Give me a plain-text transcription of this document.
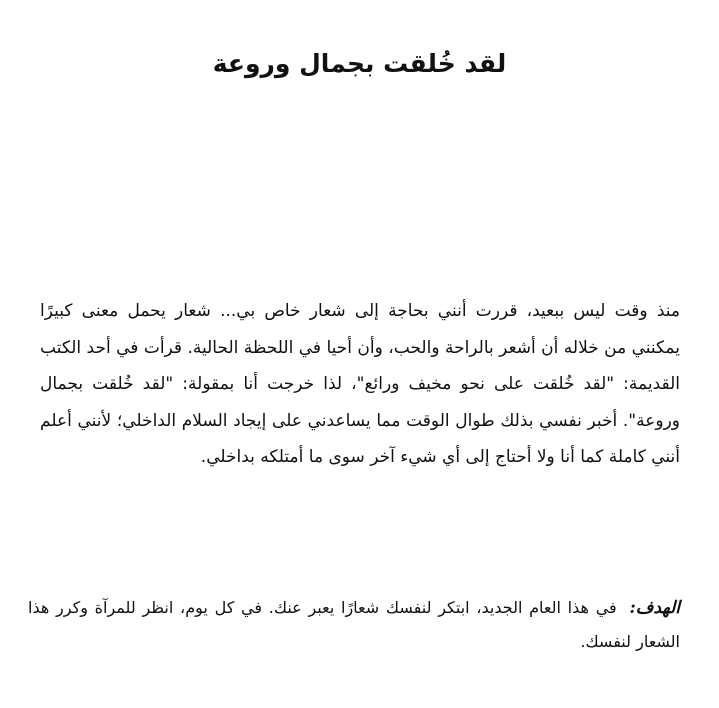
لقد خُلقت بجمال وروعة

منذ وقت ليس ببعيد، قررت أنني بحاجة إلى شعار خاص بي... شعار يحمل معنى كبيرًا يمكنني من خلاله أن أشعر بالراحة والحب، وأن أحيا في اللحظة الحالية. قرأت في أحد الكتب القديمة: "لقد خُلقت على نحو مخيف ورائع"، لذا خرجت أنا بمقولة: "لقد خُلقت بجمال وروعة". أخبر نفسي بذلك طوال الوقت مما يساعدني على إيجاد السلام الداخلي؛ لأنني أعلم أنني كاملة كما أنا ولا أحتاج إلى أي شيء آخر سوى ما أمتلكه بداخلي.

الهدف: في هذا العام الجديد، ابتكر لنفسك شعارًا يعبر عنك. في كل يوم، انظر للمرآة وكرر هذا الشعار لنفسك.
